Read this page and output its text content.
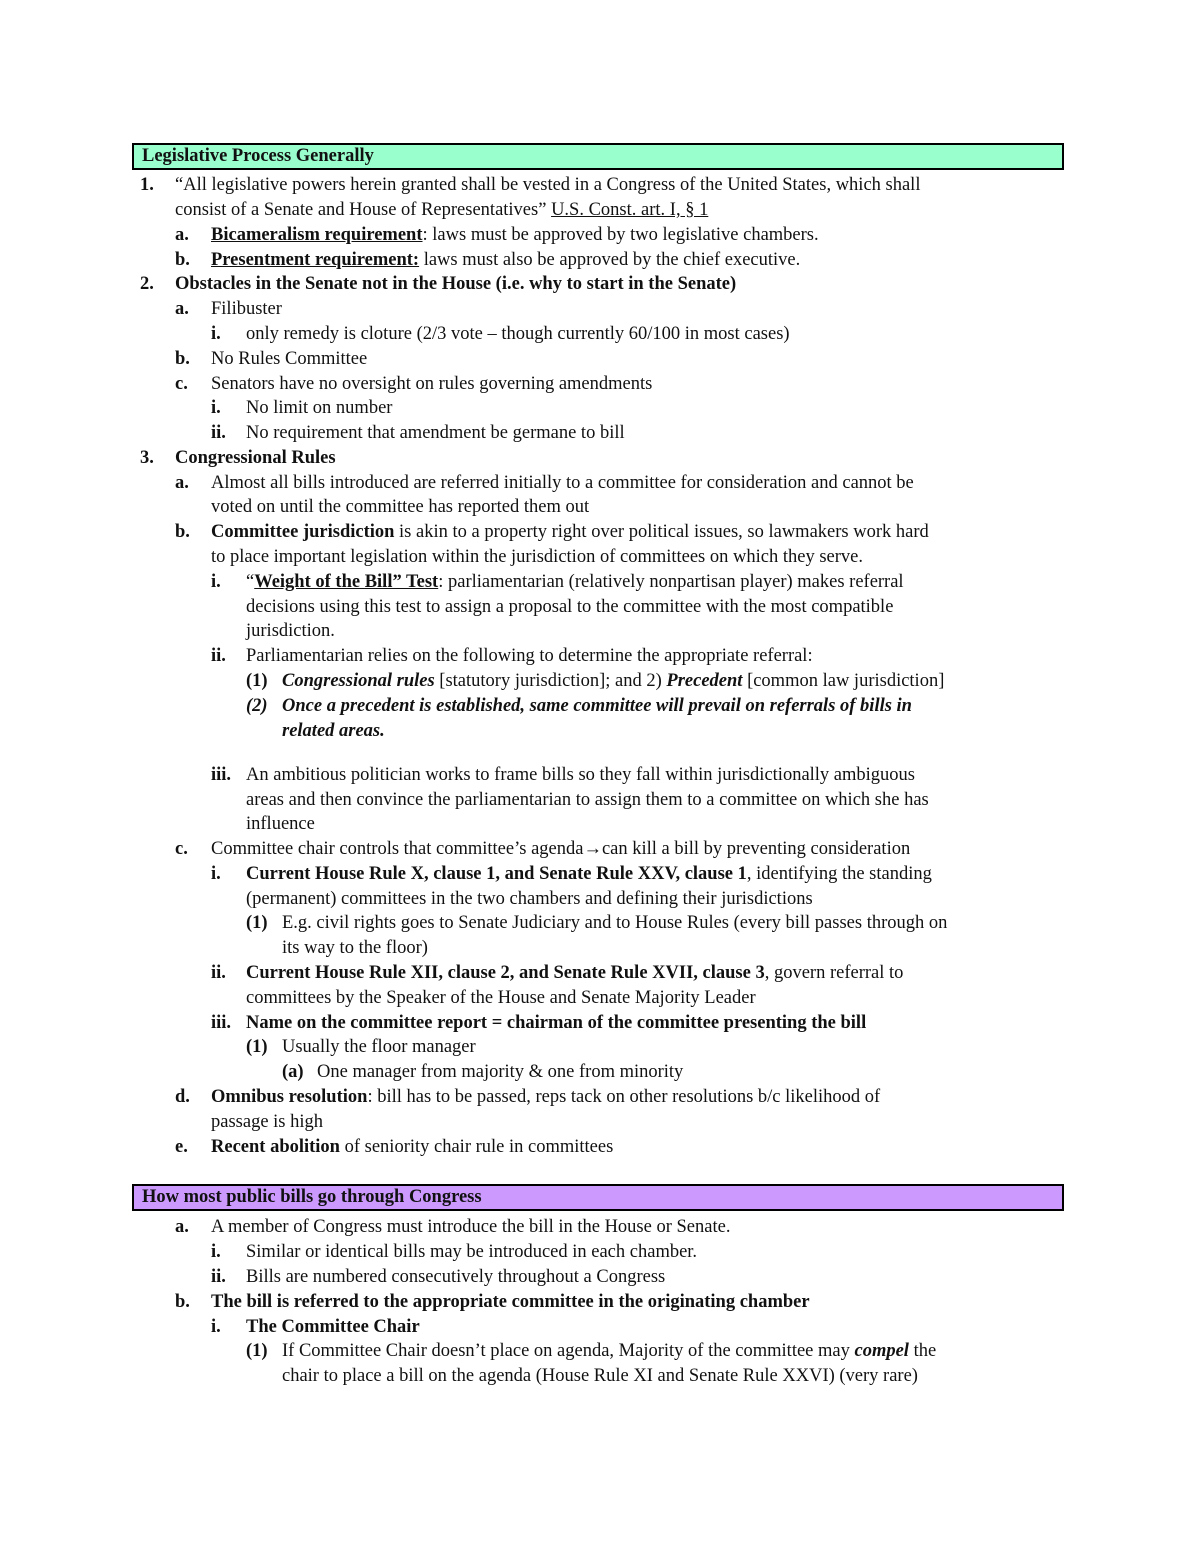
Legislative Process Generally
How most public bills go through Congress
1. “All legislative powers herein granted shall be vested in a Congress of the United States, which shall
consist of a Senate and House of Representatives” U.S. Const. art. I, § 1
a. Bicameralism requirement: laws must be approved by two legislative chambers.
b. Presentment requirement: laws must also be approved by the chief executive.
2. Obstacles in the Senate not in the House (i.e. why to start in the Senate)
a. Filibuster
i. only remedy is cloture (2/3 vote – though currently 60/100 in most cases)
b. No Rules Committee
c. Senators have no oversight on rules governing amendments
i. No limit on number
ii. No requirement that amendment be germane to bill
3. Congressional Rules
a. Almost all bills introduced are referred initially to a committee for consideration and cannot be
voted on until the committee has reported them out
b. Committee jurisdiction is akin to a property right over political issues, so lawmakers work hard
to place important legislation within the jurisdiction of committees on which they serve.
i. “Weight of the Bill” Test: parliamentarian (relatively nonpartisan player) makes referral
decisions using this test to assign a proposal to the committee with the most compatible
jurisdiction.
ii. Parliamentarian relies on the following to determine the appropriate referral:
(1) Congressional rules [statutory jurisdiction]; and 2) Precedent [common law jurisdiction]
(2) Once a precedent is established, same committee will prevail on referrals of bills in
related areas.
iii. An ambitious politician works to frame bills so they fall within jurisdictionally ambiguous
areas and then convince the parliamentarian to assign them to a committee on which she has
influence
c. Committee chair controls that committee’s agenda→can kill a bill by preventing consideration
i. Current House Rule X, clause 1, and Senate Rule XXV, clause 1, identifying the standing
(permanent) committees in the two chambers and defining their jurisdictions
(1) E.g. civil rights goes to Senate Judiciary and to House Rules (every bill passes through on
its way to the floor)
ii. Current House Rule XII, clause 2, and Senate Rule XVII, clause 3, govern referral to
committees by the Speaker of the House and Senate Majority Leader
iii. Name on the committee report = chairman of the committee presenting the bill
(1) Usually the floor manager
(a) One manager from majority & one from minority
d. Omnibus resolution: bill has to be passed, reps tack on other resolutions b/c likelihood of
passage is high
e. Recent abolition of seniority chair rule in committees
a. A member of Congress must introduce the bill in the House or Senate.
i. Similar or identical bills may be introduced in each chamber.
ii. Bills are numbered consecutively throughout a Congress
b. The bill is referred to the appropriate committee in the originating chamber
i. The Committee Chair
(1) If Committee Chair doesn’t place on agenda, Majority of the committee may compel the
chair to place a bill on the agenda (House Rule XI and Senate Rule XXVI) (very rare)
